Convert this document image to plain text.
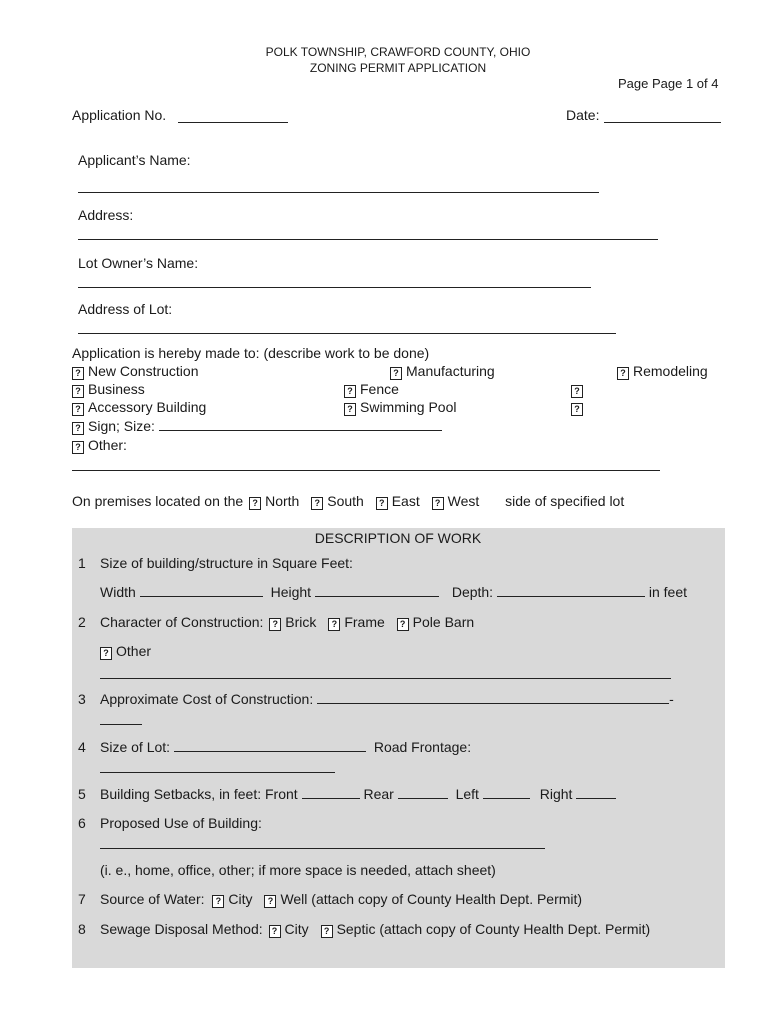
POLK TOWNSHIP, CRAWFORD COUNTY, OHIO
ZONING PERMIT APPLICATION
Page Page 1 of 4
Application No.	Date:
Applicant’s Name:
Address:
Lot Owner’s Name:
Address of Lot:
Application is hereby made to: (describe work to be done)
? New Construction	? Manufacturing	? Remodeling
? Business	? Fence	?
? Accessory Building	? Swimming Pool	?
? Sign; Size:
? Other:
On premises located on the ? North ? South ? East ? West side of specified lot
DESCRIPTION OF WORK
1 Size of building/structure in Square Feet:
Width	Height	Depth:	in feet
2 Character of Construction: ? Brick ? Frame ? Pole Barn
? Other
3 Approximate Cost of Construction:	-
4 Size of Lot:	Road Frontage:
5 Building Setbacks, in feet: Front	Rear	Left	Right
6 Proposed Use of Building:
(i. e., home, office, other; if more space is needed, attach sheet)
7 Source of Water: ? City ? Well (attach copy of County Health Dept. Permit)
8 Sewage Disposal Method: ? City ? Septic (attach copy of County Health Dept. Permit)
